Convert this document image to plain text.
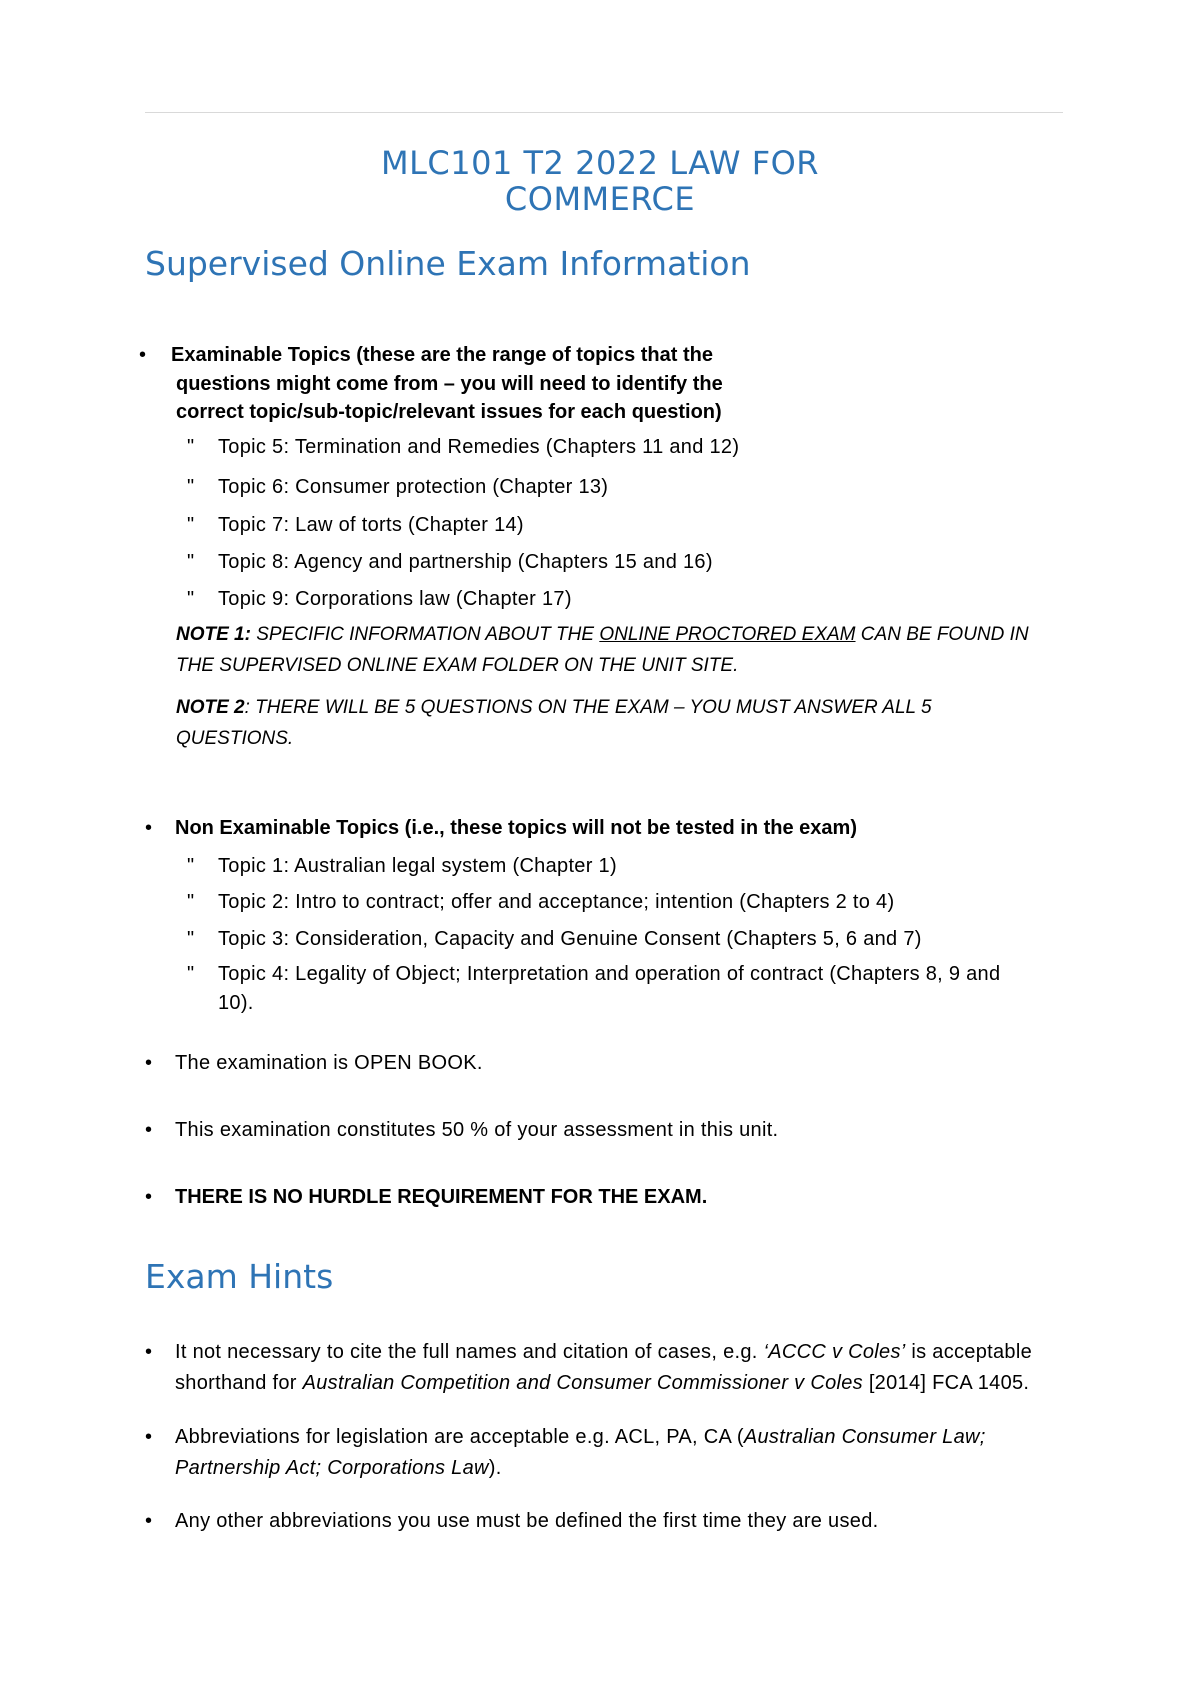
MLC101 T2 2022 LAW FOR
COMMERCE
Supervised Online Exam Information
• Examinable Topics (these are the range of topics that the
questions might come from – you will need to identify the
correct topic/sub-topic/relevant issues for each question)
" Topic 5: Termination and Remedies (Chapters 11 and 12)
" Topic 6: Consumer protection (Chapter 13)
" Topic 7: Law of torts (Chapter 14)
" Topic 8: Agency and partnership (Chapters 15 and 16)
" Topic 9: Corporations law (Chapter 17)
NOTE 1: SPECIFIC INFORMATION ABOUT THE ONLINE PROCTORED EXAM CAN BE FOUND IN
THE SUPERVISED ONLINE EXAM FOLDER ON THE UNIT SITE.
NOTE 2: THERE WILL BE 5 QUESTIONS ON THE EXAM – YOU MUST ANSWER ALL 5
QUESTIONS.
• Non Examinable Topics (i.e., these topics will not be tested in the exam)
" Topic 1: Australian legal system (Chapter 1)
" Topic 2: Intro to contract; offer and acceptance; intention (Chapters 2 to 4)
" Topic 3: Consideration, Capacity and Genuine Consent (Chapters 5, 6 and 7)
" Topic 4: Legality of Object; Interpretation and operation of contract (Chapters 8, 9 and
10).
• The examination is OPEN BOOK.
• This examination constitutes 50 % of your assessment in this unit.
• THERE IS NO HURDLE REQUIREMENT FOR THE EXAM.
Exam Hints
• It not necessary to cite the full names and citation of cases, e.g. ‘ACCC v Coles’ is acceptable
shorthand for Australian Competition and Consumer Commissioner v Coles [2014] FCA 1405.
• Abbreviations for legislation are acceptable e.g. ACL, PA, CA (Australian Consumer Law;
Partnership Act; Corporations Law).
• Any other abbreviations you use must be defined the first time they are used.
